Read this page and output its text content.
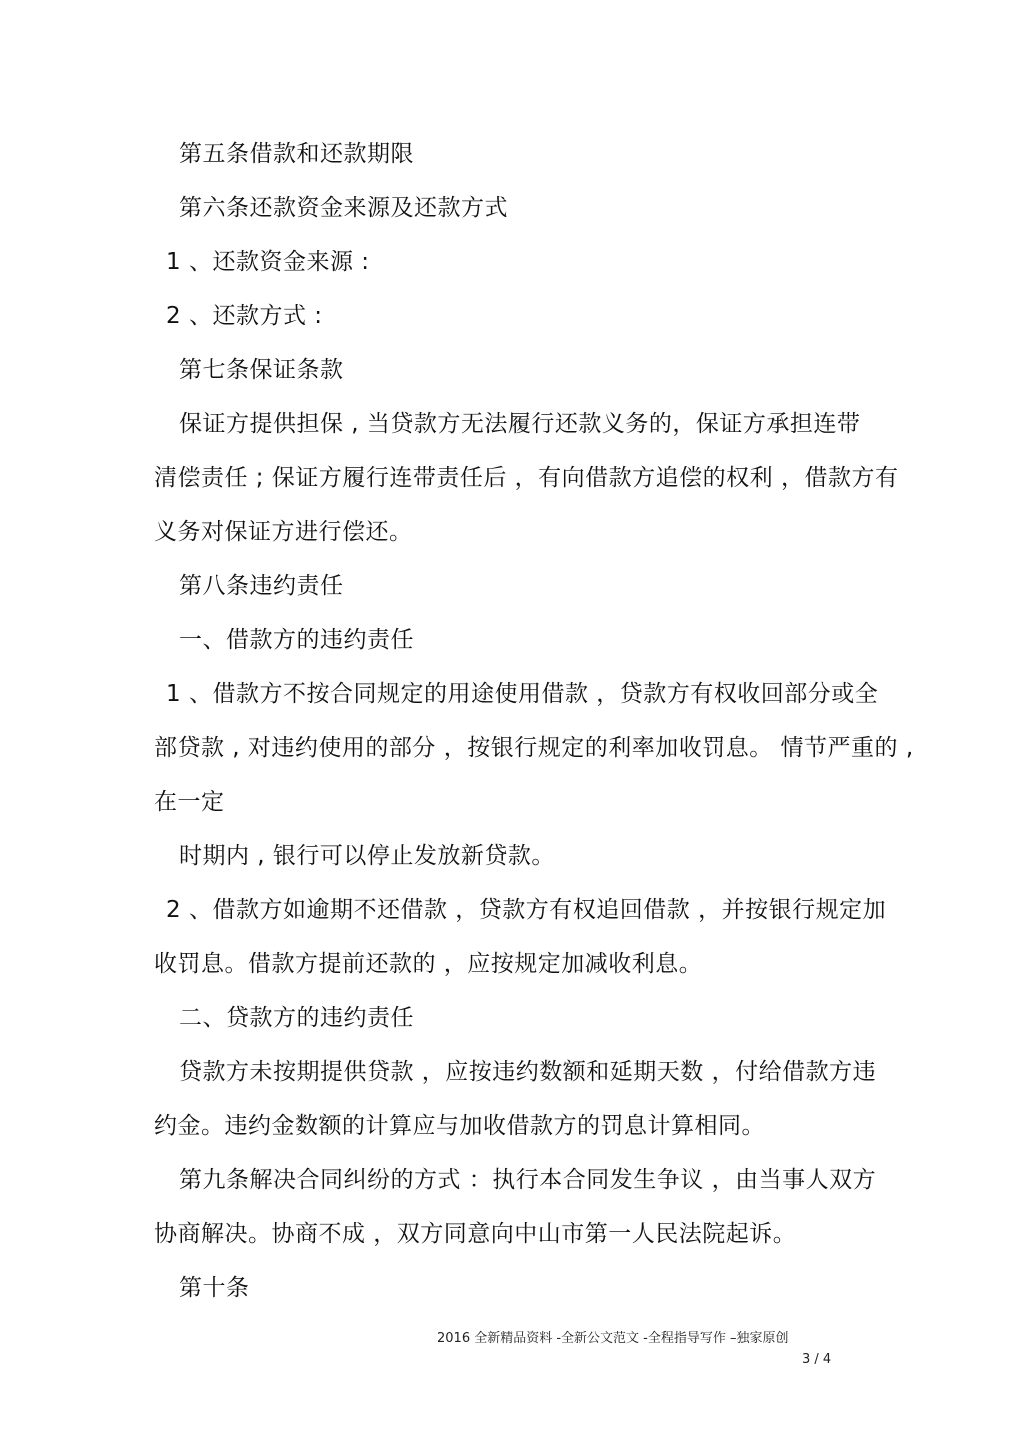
第五条借款和还款期限
第六条还款资金来源及还款方式
1 、还款资金来源 :
2 、还款方式 :
第七条保证条款
保证方提供担保 , 当贷款方无法履行还款义务的，保证方承担连带
清偿责任 ; 保证方履行连带责任后 ，有向借款方追偿的权利 ，借款方有
义务对保证方进行偿还。
第八条违约责任
一、借款方的违约责任
1 、借款方不按合同规定的用途使用借款 ，贷款方有权收回部分或全
部贷款 , 对违约使用的部分 ，按银行规定的利率加收罚息。 情节严重的 ,
在一定
时期内 , 银行可以停止发放新贷款。
2 、借款方如逾期不还借款 ，贷款方有权追回借款 ，并按银行规定加
收罚息。借款方提前还款的 ，应按规定加减收利息。
二、贷款方的违约责任
贷款方未按期提供贷款 ，应按违约数额和延期天数 ，付给借款方违
约金。违约金数额的计算应与加收借款方的罚息计算相同。
第九条解决合同纠纷的方式 ：执行本合同发生争议 ，由当事人双方
协商解决。协商不成 ，双方同意向中山市第一人民法院起诉。
第十条
2016 全新精品资料 -全新公文范文 -全程指导写作 –独家原创
3 / 4
